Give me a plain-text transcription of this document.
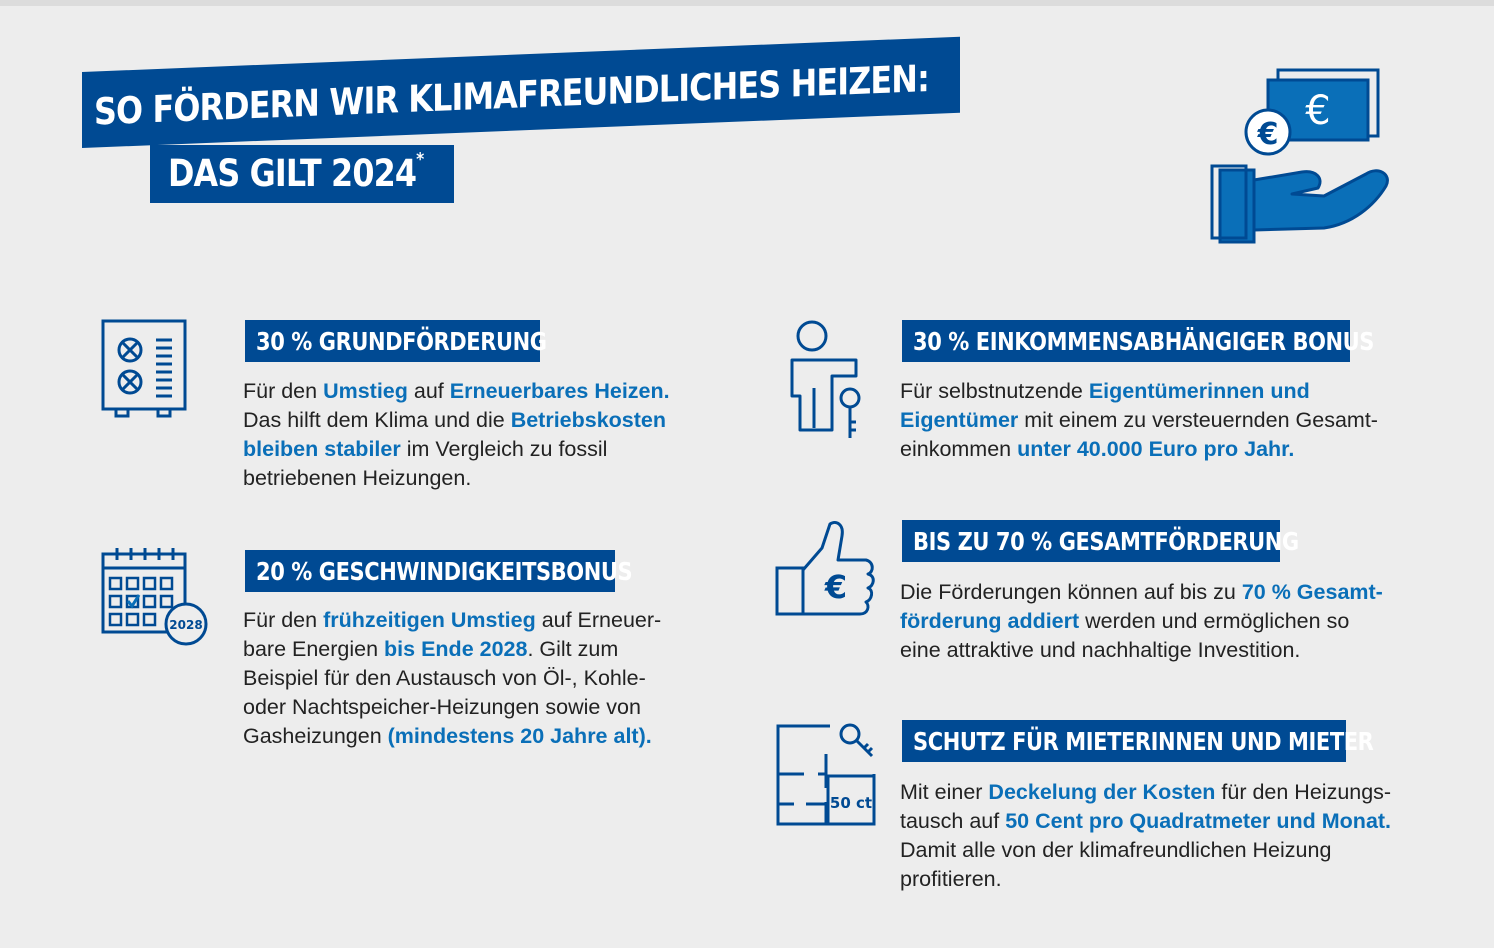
SO FÖRDERN WIR KLIMAFREUNDLICHES HEIZEN:
DAS GILT 2024*
€
€
30 % GRUNDFÖRDERUNG
Für den Umstieg auf Erneuerbares Heizen.
Das hilft dem Klima und die Betriebskosten
bleiben stabiler im Vergleich zu fossil
betriebenen Heizungen.
2028
20 % GESCHWINDIGKEITSBONUS
Für den frühzeitigen Umstieg auf Erneuer-
bare Energien bis Ende 2028. Gilt zum
Beispiel für den Austausch von Öl-, Kohle-
oder Nachtspeicher-Heizungen sowie von
Gasheizungen (mindestens 20 Jahre alt).
30 % EINKOMMENSABHÄNGIGER BONUS
Für selbstnutzende Eigentümerinnen und
Eigentümer mit einem zu versteuernden Gesamt-
einkommen unter 40.000 Euro pro Jahr.
€
BIS ZU 70 % GESAMTFÖRDERUNG
Die Förderungen können auf bis zu 70 % Gesamt-
förderung addiert werden und ermöglichen so
eine attraktive und nachhaltige Investition.
50 ct
SCHUTZ FÜR MIETERINNEN UND MIETER
Mit einer Deckelung der Kosten für den Heizungs-
tausch auf 50 Cent pro Quadratmeter und Monat.
Damit alle von der klimafreundlichen Heizung
profitieren.
